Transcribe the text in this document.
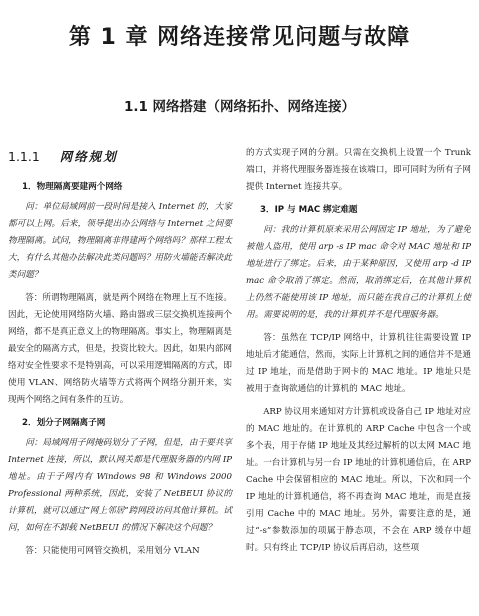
第 1 章 网络连接常见问题与故障
1.1 网络搭建（网络拓扑、网络连接）
1.1.1 网络规划
1．物理隔离要建两个网络

问：单位局域网前一段时间是接入 Internet 的，大家都可以上网。后来，领导提出办公网络与 Internet 之间要物理隔离。试问，物理隔离非得建两个网络吗？那样工程太大，有什么其他办法解决此类问题吗？用防火墙能否解决此类问题？

答：所谓物理隔离，就是两个网络在物理上互不连接。因此，无论使用网络防火墙、路由器或三层交换机连接两个网络，都不是真正意义上的物理隔离。事实上，物理隔离是最安全的隔离方式，但是，投资比较大。因此，如果内部网络对安全性要求不是特别高，可以采用逻辑隔离的方式，即使用 VLAN、网络防火墙等方式将两个网络分割开来，实现两个网络之间有条件的互访。

2．划分子网隔离子网

问：局域网用子网掩码划分了子网，但是，由于要共享 Internet 连接，所以，默认网关都是代理服务器的内网 IP 地址。由于子网内有 Windows 98 和 Windows 2000 Professional 两种系统，因此，安装了 NetBEUI 协议的计算机，就可以通过“网上邻居”跨网段访问其他计算机。试问，如何在不卸载 NetBEUI 的情况下解决这个问题？

答：只能使用可网管交换机，采用划分 VLAN

的方式实现子网的分割。只需在交换机上设置一个 Trunk 端口，并将代理服务器连接在该端口，即可同时为所有子网提供 Internet 连接共享。

3．IP 与 MAC 绑定难题

问：我的计算机原来采用公网固定 IP 地址，为了避免被他人盗用，使用 arp -s IP mac 命令对 MAC 地址和 IP 地址进行了绑定。后来，由于某种原因，又使用 arp -d IP mac 命令取消了绑定。然而，取消绑定后，在其他计算机上仍然不能使用该 IP 地址，而只能在我自己的计算机上使用。需要说明的是，我的计算机并不是代理服务器。

答：虽然在 TCP/IP 网络中，计算机往往需要设置 IP 地址后才能通信，然而，实际上计算机之间的通信并不是通过 IP 地址，而是借助于网卡的 MAC 地址。IP 地址只是被用于查询欲通信的计算机的 MAC 地址。

ARP 协议用来通知对方计算机或设备自己 IP 地址对应的 MAC 地址的。在计算机的 ARP Cache 中包含一个或多个表，用于存储 IP 地址及其经过解析的以太网 MAC 地址。一台计算机与另一台 IP 地址的计算机通信后，在 ARP Cache 中会保留相应的 MAC 地址。所以，下次和同一个 IP 地址的计算机通信，将不再查询 MAC 地址，而是直接引用 Cache 中的 MAC 地址。另外，需要注意的是，通过“-s”参数添加的项属于静态项，不会在 ARP 缓存中超时。只有终止 TCP/IP 协议后再启动，这些项
